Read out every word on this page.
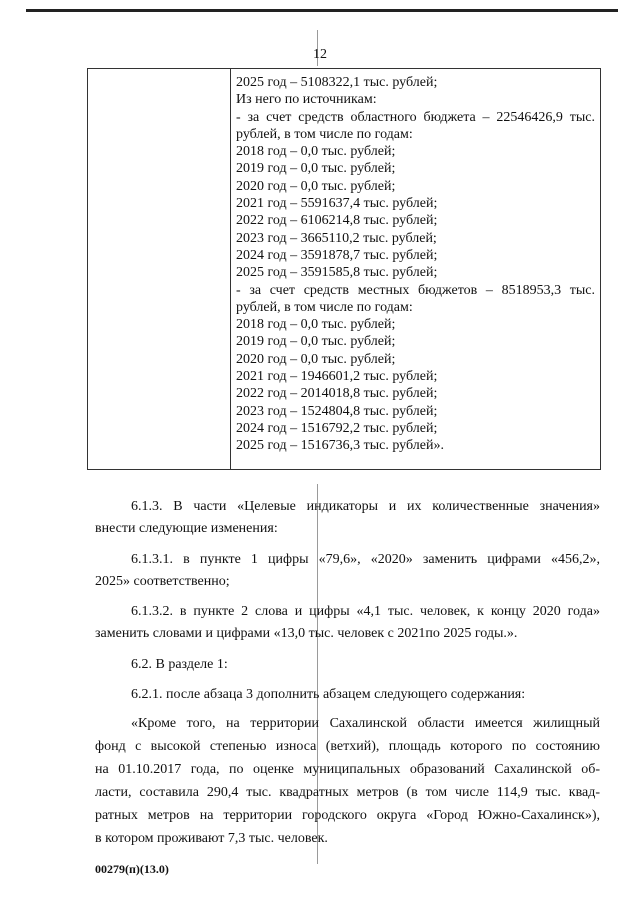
12
2025 год – 5108322,1 тыс. рублей;
Из него по источникам:
- за счет средств областного бюджета – 22546426,9 тыс.
рублей, в том числе по годам:
2018 год – 0,0 тыс. рублей;
2019 год – 0,0 тыс. рублей;
2020 год – 0,0 тыс. рублей;
2021 год – 5591637,4 тыс. рублей;
2022 год – 6106214,8 тыс. рублей;
2023 год – 3665110,2 тыс. рублей;
2024 год – 3591878,7 тыс. рублей;
2025 год – 3591585,8 тыс. рублей;
- за счет средств местных бюджетов – 8518953,3 тыс.
рублей, в том числе по годам:
2018 год – 0,0 тыс. рублей;
2019 год – 0,0 тыс. рублей;
2020 год – 0,0 тыс. рублей;
2021 год – 1946601,2 тыс. рублей;
2022 год – 2014018,8 тыс. рублей;
2023 год – 1524804,8 тыс. рублей;
2024 год – 1516792,2 тыс. рублей;
2025 год – 1516736,3 тыс. рублей».

6.1.3. В части «Целевые индикаторы и их количественные значения»
внести следующие изменения:

6.1.3.1. в пункте 1 цифры «79,6», «2020» заменить цифрами «456,2»,
2025» соответственно;

6.1.3.2. в пункте 2 слова и цифры «4,1 тыс. человек, к концу 2020 года»
заменить словами и цифрами «13,0 тыс. человек с 2021по 2025 годы.».

6.2. В разделе 1:

6.2.1. после абзаца 3 дополнить абзацем следующего содержания:

«Кроме того, на территории Сахалинской области имеется жилищный
фонд с высокой степенью износа (ветхий), площадь которого по состоянию
на 01.10.2017 года, по оценке муниципальных образований Сахалинской об-
ласти, составила 290,4 тыс. квадратных метров (в том числе 114,9 тыс. квад-
ратных метров на территории городского округа «Город Южно-Сахалинск»),
в котором проживают 7,3 тыс. человек.

00279(п)(13.0)
